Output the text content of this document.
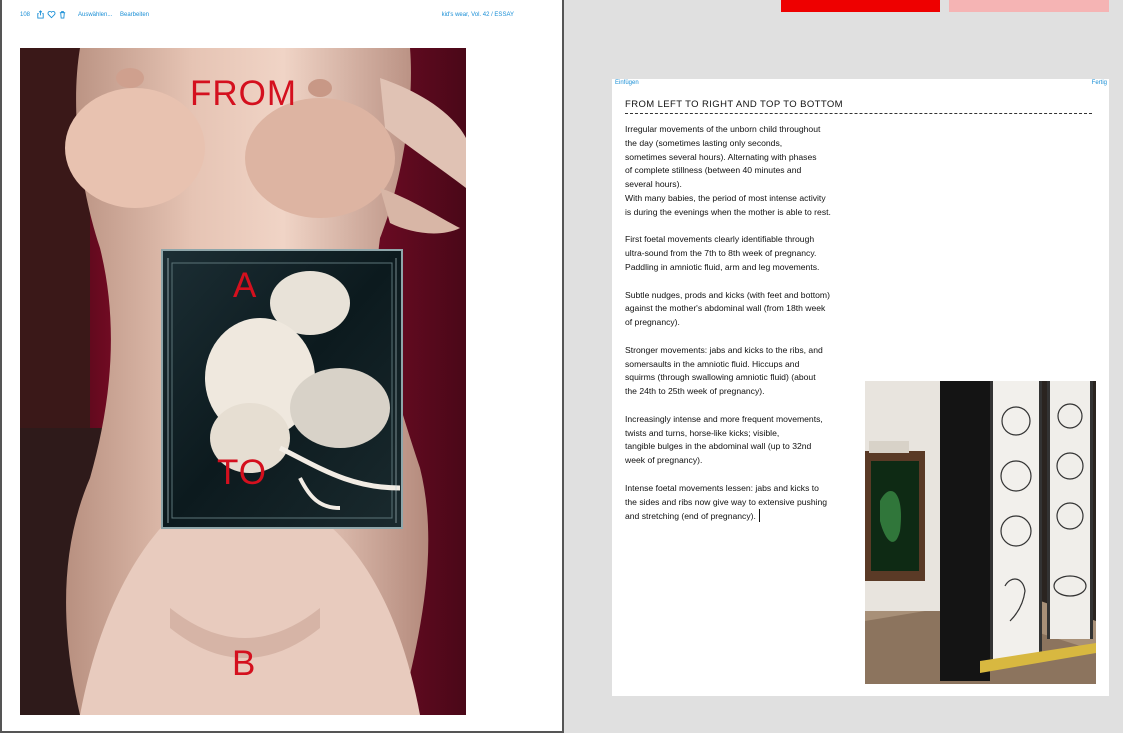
108	Auswählen... Bearbeiten	kid's wear, Vol. 42 / ESSAY
FROM
A
TO
B
Einfügen	Fertig
FROM LEFT TO RIGHT AND TOP TO BOTTOM

Irregular movements of the unborn child throughout
the day (sometimes lasting only seconds,
sometimes several hours). Alternating with phases
of complete stillness (between 40 minutes and
several hours).
With many babies, the period of most intense activity
is during the evenings when the mother is able to rest.

First foetal movements clearly identifiable through
ultra-sound from the 7th to 8th week of pregnancy.
Paddling in amniotic fluid, arm and leg movements.

Subtle nudges, prods and kicks (with feet and bottom)
against the mother's abdominal wall (from 18th week
of pregnancy).

Stronger movements: jabs and kicks to the ribs, and
somersaults in the amniotic fluid. Hiccups and
squirms (through swallowing amniotic fluid) (about
the 24th to 25th week of pregnancy).

Increasingly intense and more frequent movements,
twists and turns, horse-like kicks; visible,
tangible bulges in the abdominal wall (up to 32nd
week of pregnancy).

Intense foetal movements lessen: jabs and kicks to
the sides and ribs now give way to extensive pushing
and stretching (end of pregnancy).
